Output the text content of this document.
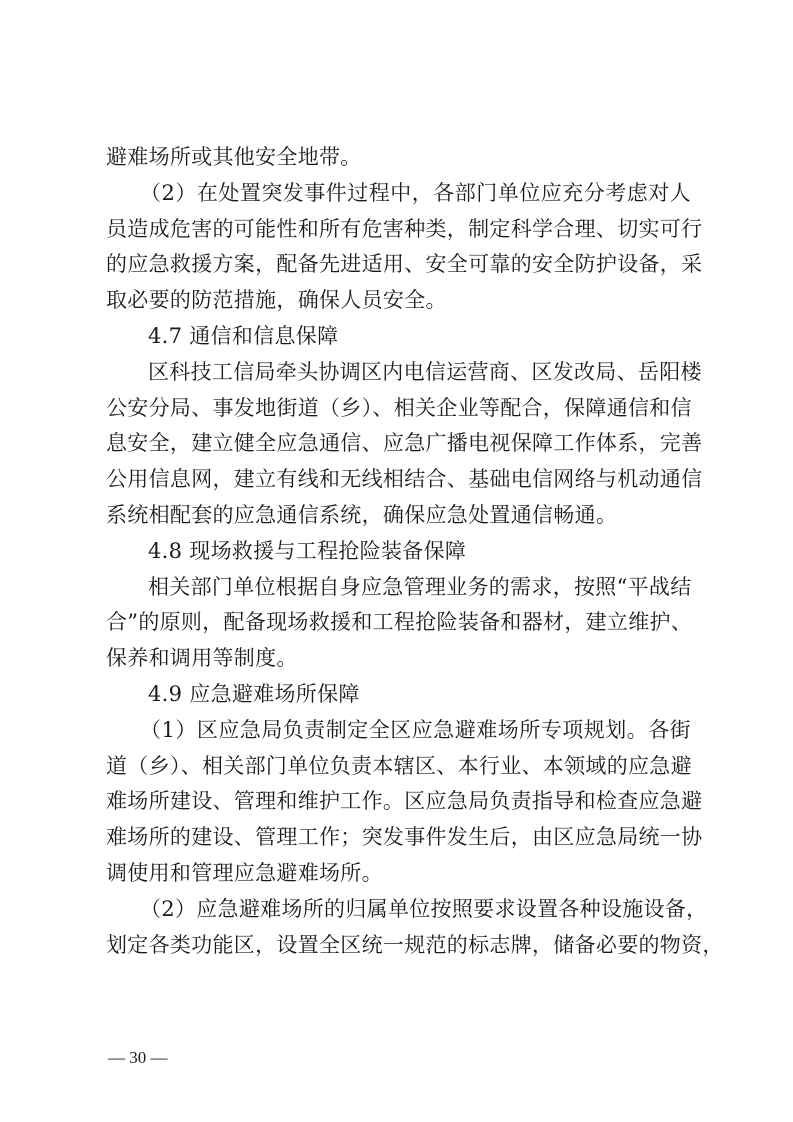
避难场所或其他安全地带。
（2）在处置突发事件过程中，各部门单位应充分考虑对人
员造成危害的可能性和所有危害种类，制定科学合理、切实可行
的应急救援方案，配备先进适用、安全可靠的安全防护设备，采
取必要的防范措施，确保人员安全。
4.7 通信和信息保障
区科技工信局牵头协调区内电信运营商、区发改局、岳阳楼
公安分局、事发地街道（乡）、相关企业等配合，保障通信和信
息安全，建立健全应急通信、应急广播电视保障工作体系，完善
公用信息网，建立有线和无线相结合、基础电信网络与机动通信
系统相配套的应急通信系统，确保应急处置通信畅通。
4.8 现场救援与工程抢险装备保障
相关部门单位根据自身应急管理业务的需求，按照“平战结
合”的原则，配备现场救援和工程抢险装备和器材，建立维护、
保养和调用等制度。
4.9 应急避难场所保障
（1）区应急局负责制定全区应急避难场所专项规划。各街
道（乡）、相关部门单位负责本辖区、本行业、本领域的应急避
难场所建设、管理和维护工作。区应急局负责指导和检查应急避
难场所的建设、管理工作；突发事件发生后，由区应急局统一协
调使用和管理应急避难场所。
（2）应急避难场所的归属单位按照要求设置各种设施设备，
划定各类功能区，设置全区统一规范的标志牌，储备必要的物资，
— 30 —
